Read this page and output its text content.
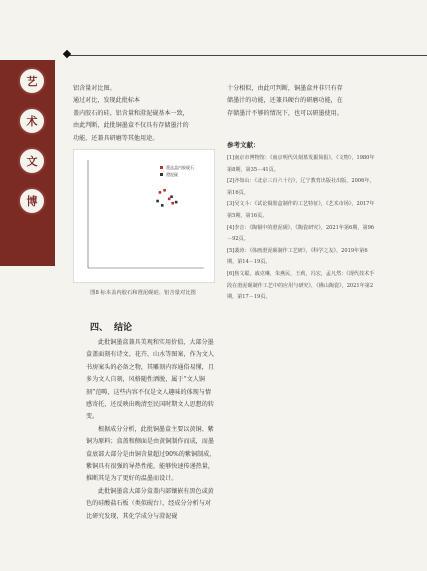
艺
术
文
博

铝含量对比图。

通过对比，发现此批标本

盖内胶石的硅、铝含量和澄泥砚基本一致，

由此判断，此批铜墨盒不仅具有存储墨汁的

功能，还兼具研磨等其他用途。

十分相似，由此可判断，铜墨盒并非只有存

储墨汁的功能，还兼具硬台的研磨功能，在

存储墨汁不够的情况下，也可以研墨使用。

墨盒盖内胶砚石
澄泥砚
图8 标本盖内胶石和澄泥砚硅、铝含量对比图
四、 结论

此批铜墨盒兼具美观和实用价值，大部分墨盒盖面刻有诗文、花卉、山水等图案，作为文人书房案头的必备之物，其雕刻内容通俗易懂，且多为文人自刻，风格随性洒脱，属于“文人铜刻”范畴，这些内容不仅是文人趣味的体现与情感寄托，还反映出晚清至民国时期文人思想的转变。

根据成分分析，此批铜墨盒主要以黄铜、紫铜为原料；盒盖和侧面是由黄铜制作而成，而墨盒底部大部分是由铜含量超过90%的紫铜制成，紫铜具有很强的导热性能，能够快速传递热量，推断其是为了更好的温墨而设计。

此批铜墨盒大部分盒盖内部镶嵌有黑色或黄色的硅酸盐石板（类似砚台），经成分分析与对比研究发现，其化学成分与澄泥砚

参考文献：
[1]南京市博物馆：《南京明代贝刻墓发掘简报》，《文物》，1980年第8期，第35－41页。
[2]齐如山：《北京三百六十行》，辽宁教育出版社出版，2006年，第16页。
[3]吴文斗：《试论铜墨盒制作的工艺特征》，《艺术市场》，2017年第5期，第16页。
[4]李音：《陶铜中的澄泥砚》，《陶瓷研究》，2021年第6期，第96－92页。
[5]裴涛：《体画澄泥砚制作工艺研》，《科学之友》，2019年第6期，第14－19页。
[6]焦文聪，戚克琳，朱燕民，王莉，冯宏，孟凡然：《现代技术手段在澄泥砚制作工艺中的应用与研究》，《佛山陶瓷》，2021年第2期，第17－19页。
